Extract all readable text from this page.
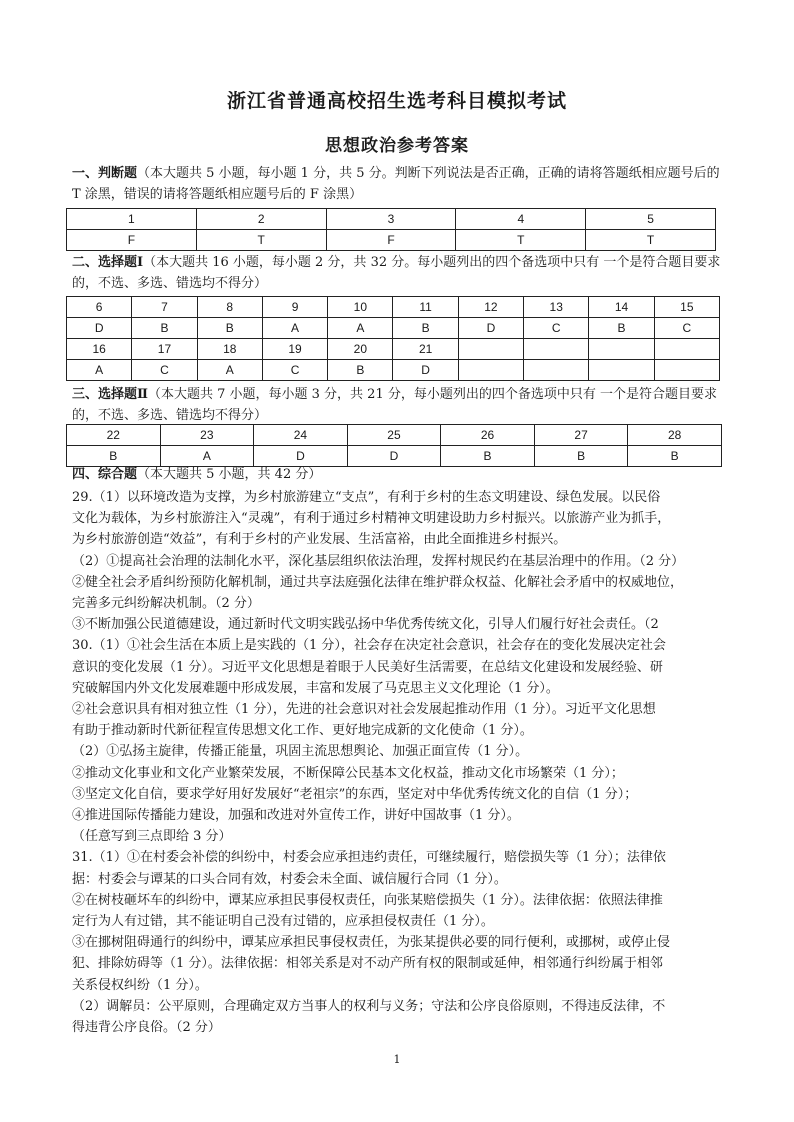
浙江省普通高校招生选考科目模拟考试
思想政治参考答案
一、判断题（本大题共 5 小题，每小题 1 分，共 5 分。判断下列说法是否正确，正确的请将答题纸相应题号后的 T 涂黑，错误的请将答题纸相应题号后的 F 涂黑）
1	2	3	4	5
F	T	F	T	T
二、选择题Ⅰ（本大题共 16 小题，每小题 2 分，共 32 分。每小题列出的四个备选项中只有 一个是符合题目要求的，不选、多选、错选均不得分）
6	7	8	9	10	11	12	13	14	15
D	B	B	A	A	B	D	C	B	C
16	17	18	19	20	21				
A	C	A	C	B	D				
三、选择题Ⅱ（本大题共 7 小题，每小题 3 分，共 21 分，每小题列出的四个备选项中只有 一个是符合题目要求的，不选、多选、错选均不得分）
22	23	24	25	26	27	28
B	A	D	D	B	B	B
四、综合题（本大题共 5 小题，共 42 分）

29.（1）以环境改造为支撑，为乡村旅游建立“支点”，有利于乡村的生态文明建设、绿色发展。以民俗

文化为载体，为乡村旅游注入“灵魂”，有利于通过乡村精神文明建设助力乡村振兴。以旅游产业为抓手，

为乡村旅游创造“效益”，有利于乡村的产业发展、生活富裕，由此全面推进乡村振兴。

（2）①提高社会治理的法制化水平，深化基层组织依法治理，发挥村规民约在基层治理中的作用。（2 分）

②健全社会矛盾纠纷预防化解机制，通过共享法庭强化法律在维护群众权益、化解社会矛盾中的权威地位，

完善多元纠纷解决机制。（2 分）

③不断加强公民道德建设，通过新时代文明实践弘扬中华优秀传统文化，引导人们履行好社会责任。（2

30.（1）①社会生活在本质上是实践的（1 分），社会存在决定社会意识，社会存在的变化发展决定社会

意识的变化发展（1 分）。习近平文化思想是着眼于人民美好生活需要，在总结文化建设和发展经验、研

究破解国内外文化发展难题中形成发展，丰富和发展了马克思主义文化理论（1 分）。

②社会意识具有相对独立性（1 分），先进的社会意识对社会发展起推动作用（1 分）。习近平文化思想

有助于推动新时代新征程宣传思想文化工作、更好地完成新的文化使命（1 分）。

（2）①弘扬主旋律，传播正能量，巩固主流思想舆论、加强正面宣传（1 分）。

②推动文化事业和文化产业繁荣发展，不断保障公民基本文化权益，推动文化市场繁荣（1 分）；

③坚定文化自信，要求学好用好发展好“老祖宗”的东西，坚定对中华优秀传统文化的自信（1 分）；

④推进国际传播能力建设，加强和改进对外宣传工作，讲好中国故事（1 分）。

（任意写到三点即给 3 分）

31.（1）①在村委会补偿的纠纷中，村委会应承担违约责任，可继续履行，赔偿损失等（1 分）；法律依

据：村委会与谭某的口头合同有效，村委会未全面、诚信履行合同（1 分）。

②在树枝砸坏车的纠纷中，谭某应承担民事侵权责任，向张某赔偿损失（1 分）。法律依据：依照法律推

定行为人有过错，其不能证明自己没有过错的，应承担侵权责任（1 分）。

③在挪树阻碍通行的纠纷中，谭某应承担民事侵权责任，为张某提供必要的同行便利，或挪树，或停止侵

犯、排除妨碍等（1 分）。法律依据：相邻关系是对不动产所有权的限制或延伸，相邻通行纠纷属于相邻

关系侵权纠纷（1 分）。

（2）调解员：公平原则，合理确定双方当事人的权利与义务；守法和公序良俗原则，不得违反法律，不

得违背公序良俗。（2 分）

1
